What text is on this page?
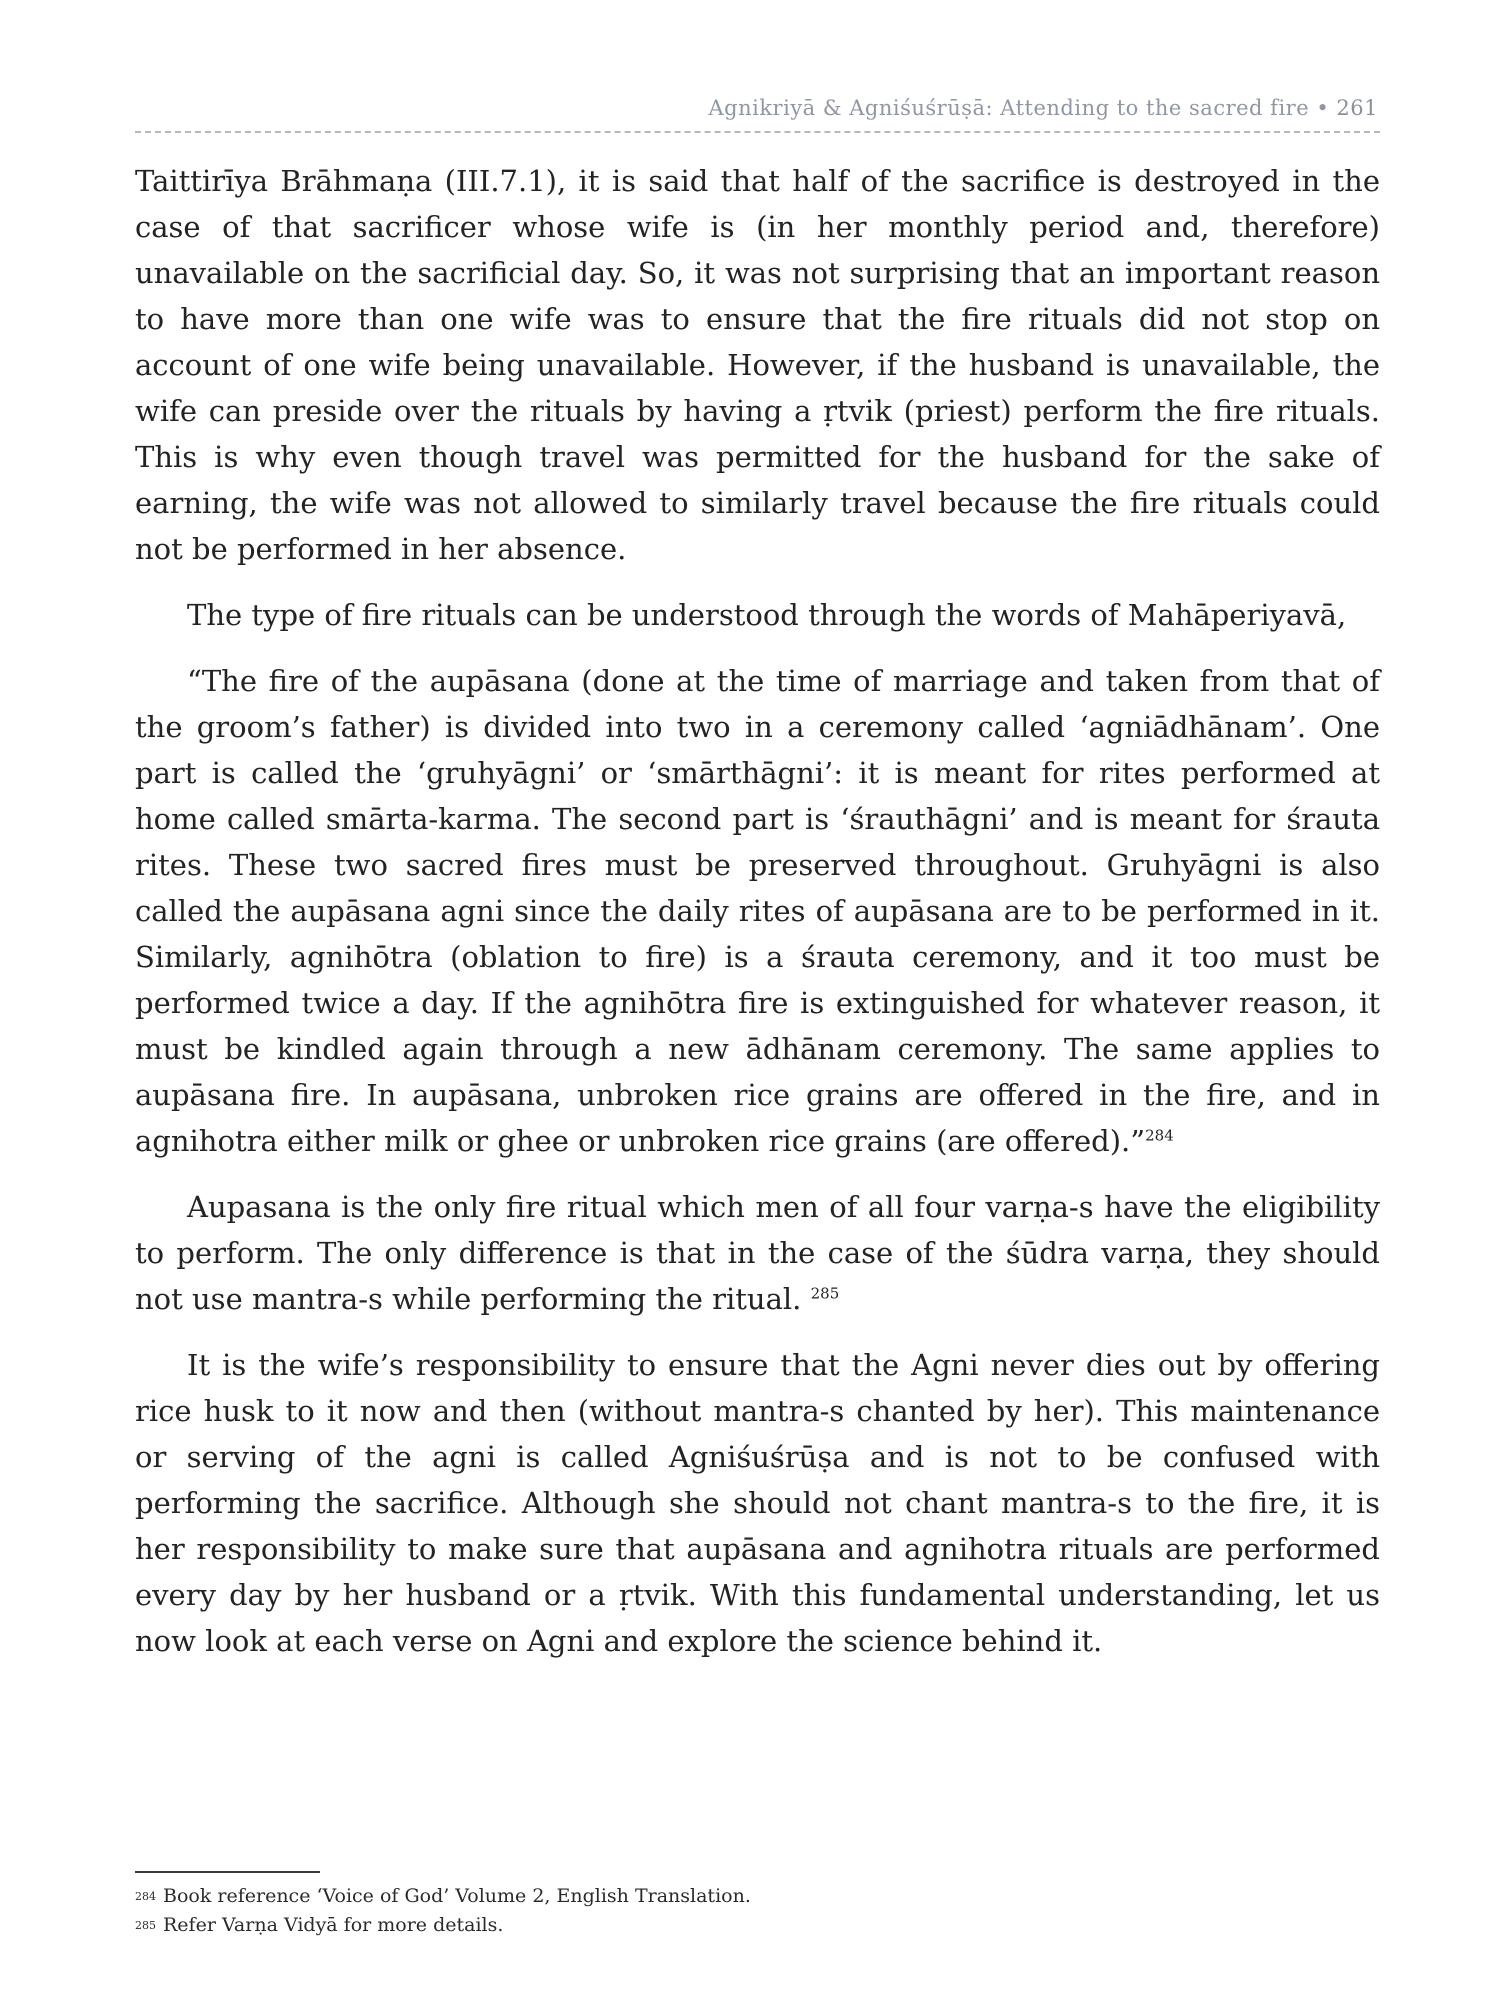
Agnikriyā & Agniśuśrūṣā: Attending to the sacred fire • 261

Taittirīya Brāhmaṇa (III.7.1), it is said that half of the sacrifice is destroyed in the case of that sacrificer whose wife is (in her monthly period and, therefore) unavailable on the sacrificial day. So, it was not surprising that an important reason to have more than one wife was to ensure that the fire rituals did not stop on account of one wife being unavailable. However, if the husband is unavailable, the wife can preside over the rituals by having a ṛtvik (priest) perform the fire rituals. This is why even though travel was permitted for the husband for the sake of earning, the wife was not allowed to similarly travel because the fire rituals could not be performed in her absence.

The type of fire rituals can be understood through the words of Mahāperiyavā,

“The fire of the aupāsana (done at the time of marriage and taken from that of the groom’s father) is divided into two in a ceremony called ‘agniādhānam’. One part is called the ‘gruhyāgni’ or ‘smārthāgni’: it is meant for rites performed at home called smārta-karma. The second part is ‘śrauthāgni’ and is meant for śrauta rites. These two sacred fires must be preserved throughout. Gruhyāgni is also called the aupāsana agni since the daily rites of aupāsana are to be performed in it. Similarly, agnihōtra (oblation to fire) is a śrauta ceremony, and it too must be performed twice a day. If the agnihōtra fire is extinguished for whatever reason, it must be kindled again through a new ādhānam ceremony. The same applies to aupāsana fire. In aupāsana, unbroken rice grains are offered in the fire, and in agnihotra either milk or ghee or unbroken rice grains (are offered).”$^{284}$

Aupasana is the only fire ritual which men of all four varṇa-s have the eligibility to perform. The only difference is that in the case of the śūdra varṇa, they should not use mantra-s while performing the ritual. $^{285}$

It is the wife’s responsibility to ensure that the Agni never dies out by offering rice husk to it now and then (without mantra-s chanted by her). This maintenance or serving of the agni is called Agniśuśrūṣa and is not to be confused with performing the sacrifice. Although she should not chant mantra-s to the fire, it is her responsibility to make sure that aupāsana and agnihotra rituals are performed every day by her husband or a ṛtvik. With this fundamental understanding, let us now look at each verse on Agni and explore the science behind it.

284 Book reference ‘Voice of God’ Volume 2, English Translation.
285 Refer Varṇa Vidyā for more details.
